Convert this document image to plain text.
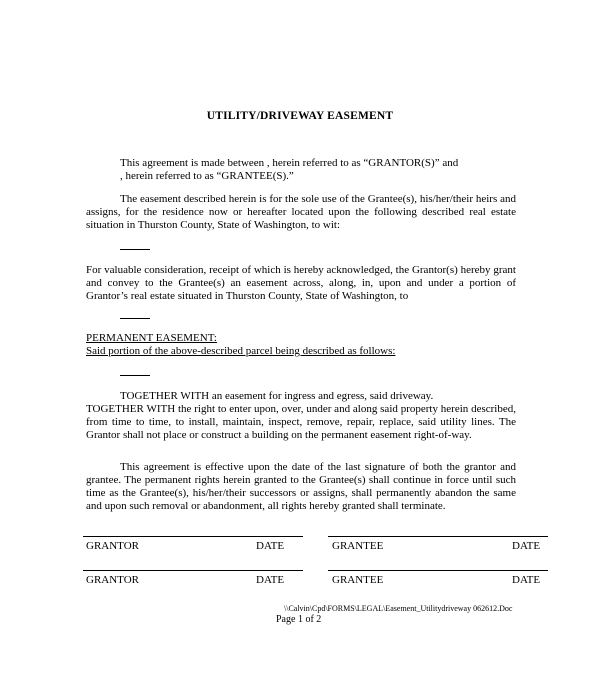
UTILITY/DRIVEWAY EASEMENT
This agreement is made between , herein referred to as “GRANTOR(S)” and
, herein referred to as “GRANTEE(S).”
The easement described herein is for the sole use of the Grantee(s), his/her/their heirs and assigns, for the residence now or hereafter located upon the following described real estate situation in Thurston County, State of Washington, to wit:
For valuable consideration, receipt of which is hereby acknowledged, the Grantor(s) hereby grant and convey to the Grantee(s) an easement across, along, in, upon and under a portion of Grantor’s real estate situated in Thurston County, State of Washington, to
PERMANENT EASEMENT:
Said portion of the above-described parcel being described as follows:
TOGETHER WITH an easement for ingress and egress, said driveway.
TOGETHER WITH the right to enter upon, over, under and along said property herein described, from time to time, to install, maintain, inspect, remove, repair, replace, said utility lines. The Grantor shall not place or construct a building on the permanent easement right-of-way.
This agreement is effective upon the date of the last signature of both the grantor and grantee. The permanent rights herein granted to the Grantee(s) shall continue in force until such time as the Grantee(s), his/her/their successors or assigns, shall permanently abandon the same and upon such removal or abandonment, all rights hereby granted shall terminate.
GRANTOR	DATE	GRANTEE	DATE
GRANTOR	DATE	GRANTEE	DATE
\\Calvin\Cpd\FORMS\LEGAL\Easement_Utilitydriveway 062612.Doc
Page 1 of 2
